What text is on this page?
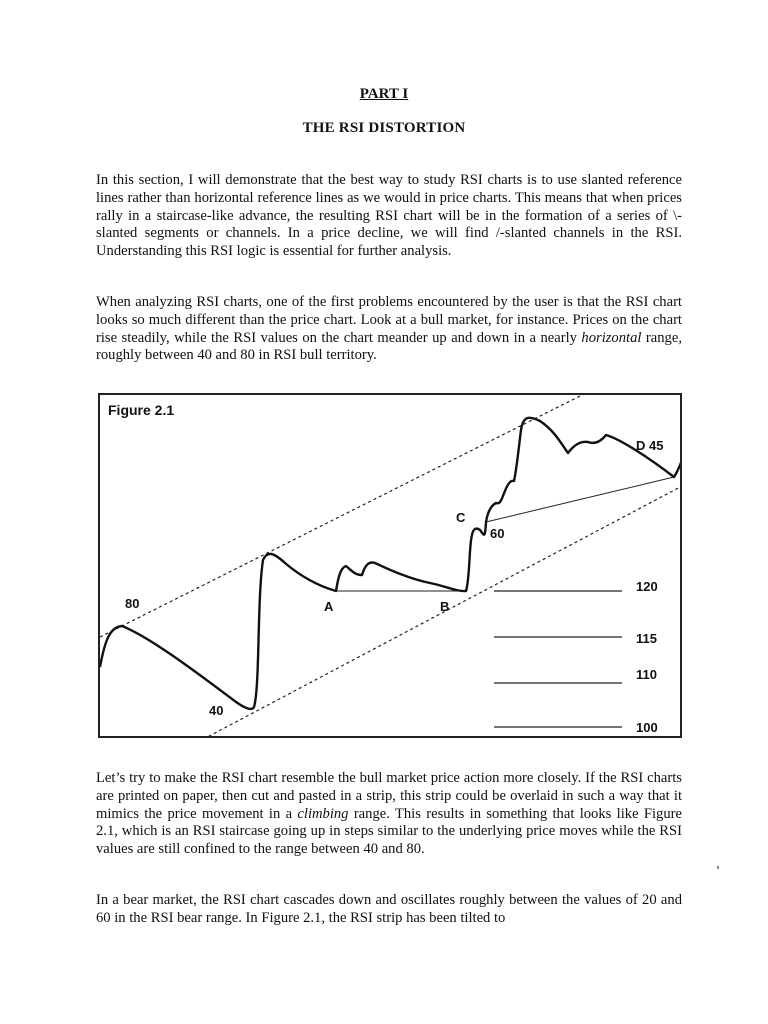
PART I
THE RSI DISTORTION

In this section, I will demonstrate that the best way to study RSI charts is to use slanted reference lines rather than horizontal reference lines as we would in price charts. This means that when prices rally in a staircase-like advance, the resulting RSI chart will be in the formation of a series of \-slanted segments or channels. In a price decline, we will find /-slanted channels in the RSI. Understanding this RSI logic is essential for further analysis.

When analyzing RSI charts, one of the first problems encountered by the user is that the RSI chart looks so much different than the price chart. Look at a bull market, for instance. Prices on the chart rise steadily, while the RSI values on the chart meander up and down in a nearly horizontal range, roughly between 40 and 80 in RSI bull territory.

Figure 2.1
80
40
A	B
C
60
D 45
120
115
110
100

Let’s try to make the RSI chart resemble the bull market price action more closely. If the RSI charts are printed on paper, then cut and pasted in a strip, this strip could be overlaid in such a way that it mimics the price movement in a climbing range. This results in something that looks like Figure 2.1, which is an RSI staircase going up in steps similar to the underlying price moves while the RSI values are still confined to the range between 40 and 80.

In a bear market, the RSI chart cascades down and oscillates roughly between the values of 20 and 60 in the RSI bear range. In Figure 2.1, the RSI strip has been tilted to
